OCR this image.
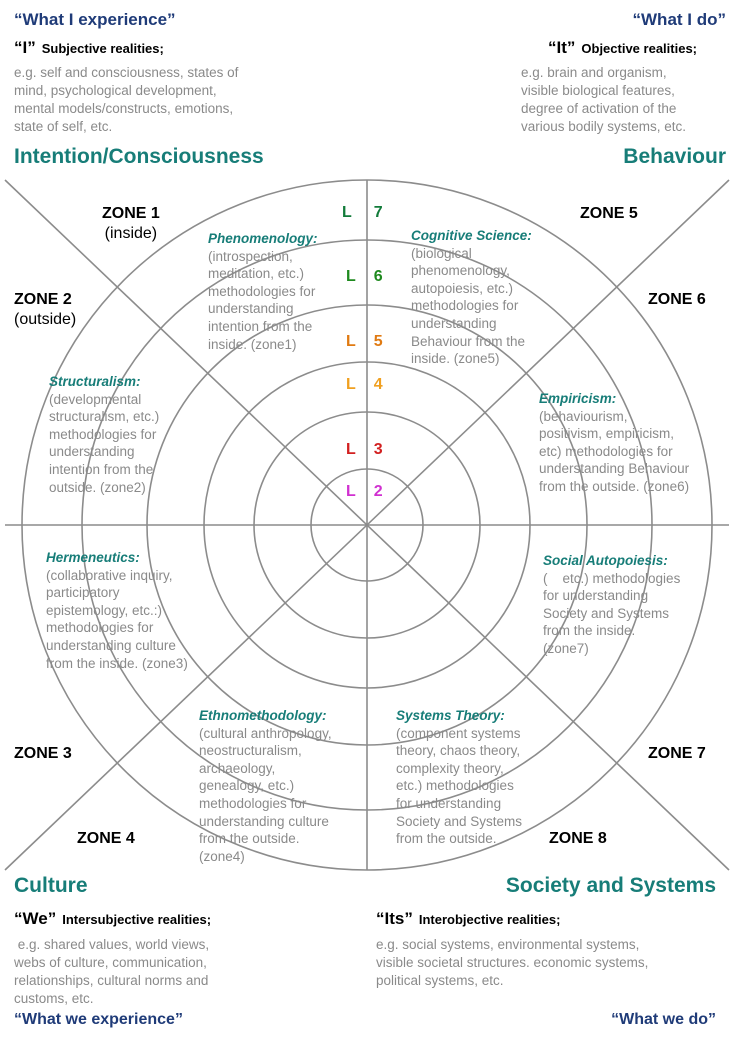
“What I experience”
“I” Subjective realities;
e.g. self and consciousness, states of
mind, psychological development,
mental models/constructs, emotions,
state of self, etc.
Intention/Consciousness
“What I do”
“It” Objective realities;
e.g. brain and organism,
visible biological features,
degree of activation of the
various bodily systems, etc.
Behaviour
ZONE 1
(inside)
ZONE 2
(outside)
ZONE 3
ZONE 4
ZONE 5
ZONE 6
ZONE 7
ZONE 8
L 7
L 6
L 5
L 4
L 3
L 2
Phenomenology:
(introspection,
meditation, etc.)
methodologies for
understanding
intention from the
inside. (zone1)
Cognitive Science:
(biological
phenomenology,
autopoiesis, etc.)
methodologies for
understanding
Behaviour from the
inside. (zone5)
Structuralism:
(developmental
structuralism, etc.)
methodologies for
understanding
intention from the
outside. (zone2)
Empiricism:
(behaviourism,
positivism, empiricism,
etc) methodologies for
understanding Behaviour
from the outside. (zone6)
Hermeneutics:
(collaborative inquiry,
participatory
epistemology, etc.:)
methodologies for
understanding culture
from the inside. (zone3)
Social Autopoiesis:
(    etc.) methodologies
for understanding
Society and Systems
from the inside.
(zone7)
Ethnomethodology:
(cultural anthropology,
neostructuralism,
archaeology,
genealogy, etc.)
methodologies for
understanding culture
from the outside.
(zone4)
Systems Theory:
(component systems
theory, chaos theory,
complexity theory,
etc.) methodologies
for understanding
Society and Systems
from the outside.
Culture
“We” Intersubjective realities;
e.g. shared values, world views,
webs of culture, communication,
relationships, cultural norms and
customs, etc.
“What we experience”
Society and Systems
“Its” Interobjective realities;
e.g. social systems, environmental systems,
visible societal structures. economic systems,
political systems, etc.
“What we do”
